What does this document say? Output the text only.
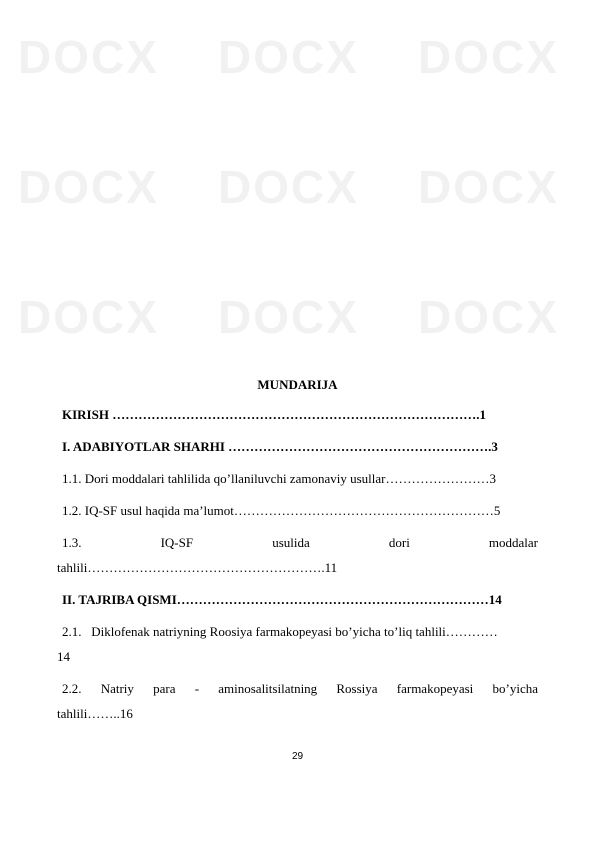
DOCX DOCX DOCX
DOCX DOCX DOCX
DOCX DOCX DOCX
MUNDARIJA
KIRISH ………………………………………………………………………….1
I. ADABIYOTLAR SHARHI …………………………………………………….3
1.1. Dori moddalari tahlilida qo’llaniluvchi zamonaviy usullar……………………3
1.2. IQ-SF usul haqida ma’lumot……………………………………………………5
1.3.	IQ-SF	usulida	dori	moddalar
tahlili……………………………………………….11
II. TAJRIBA QISMI………………………………………………………………14
2.1. Diklofenak natriyning Roosiya farmakopeyasi bo’yicha to’liq tahlili…………
14
2.2. Natriy para - aminosalitsilatning Rossiya farmakopeyasi bo’yicha
tahlili……..16
29
